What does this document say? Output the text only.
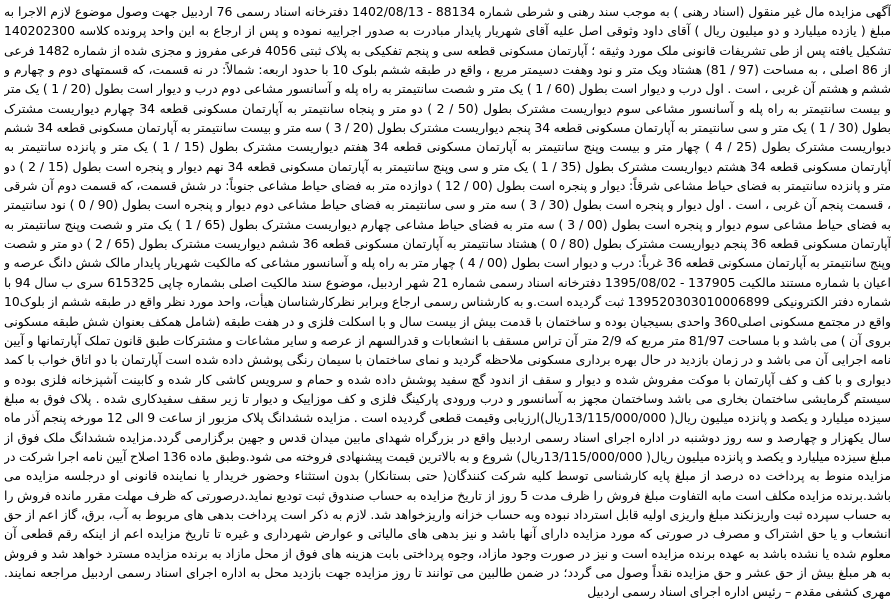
آگهی مزایده مال غیر منقول (اسناد رهنی ) به موجب سند رهنی و شرطی شماره 88134 - 1402/08/13 دفترخانه اسناد رسمی 76 اردبیل جهت وصول موضوع لازم الاجرا به مبلغ ( یازده میلیارد و دو میلیون ریال ) آقای داود وثوقی اصل علیه آقای شهریار پایدار مبادرت به صدور اجراییه نموده و پس از ارجاع به این واحد پرونده کلاسه 140202300 تشکیل یافته پس از طی تشریفات قانونی ملک مورد وثیقه ؛ آپارتمان مسکونی قطعه سی و پنجم تفکیکی به پلاک ثبتی 4056 فرعی مفروز و مجزی شده از شماره 1482 فرعی از 86 اصلی ، به مساحت (97 / 81) هشتاد ویک متر و نود وهفت دسیمتر مربع ، واقع در طبقه ششم بلوک 10 با حدود اربعه: شمالاً: در نه قسمت، که قسمتهای دوم و چهارم و ششم و هشتم آن غربی ، است . اول درب و دیوار است بطول (60 / 1 ) یک متر و شصت سانتیمتر به راه پله و آسانسور مشاعی دوم درب و دیوار است بطول (20 / 1 ) یک متر و بیست سانتیمتر به راه پله و آسانسور مشاعی سوم دیواریست مشترک بطول (50 / 2 ) دو متر و پنجاه سانتیمتر به آپارتمان مسکونی قطعه 34 چهارم دیواریست مشترک بطول (30 / 1 ) یک متر و سی سانتیمتر به آپارتمان مسکونی قطعه 34 پنجم دیواریست مشترک بطول (20 / 3 ) سه متر و بیست سانتیمتر به آپارتمان مسکونی قطعه 34 ششم دیواریست مشترک بطول (25 / 4 ) چهار متر و بیست وپنج سانتیمتر به آپارتمان مسکونی قطعه 34 هفتم دیواریست مشترک بطول (15 / 1 ) یک متر و پانزده سانتیمتر به آپارتمان مسکونی قطعه 34 هشتم دیواریست مشترک بطول (35 / 1 ) یک متر و سی وپنج سانتیمتر به آپارتمان مسکونی قطعه 34 نهم دیوار و پنجره است بطول (15 / 2 ) دو متر و پانزده سانتیمتر به فضای حیاط مشاعی شرقاً: دیوار و پنجره است بطول (00 / 12 ) دوازده متر به فضای حیاط مشاعی جنوباً: در شش قسمت، که قسمت دوم آن شرقی ، قسمت پنجم آن غربی ، است . اول دیوار و پنجره است بطول (30 / 3 ) سه متر و سی سانتیمتر به فضای حیاط مشاعی دوم دیوار و پنجره است بطول (90 / 0 ) نود سانتیمتر به فضای حیاط مشاعی سوم دیوار و پنجره است بطول (00 / 3 ) سه متر به فضای حیاط مشاعی چهارم دیواریست مشترک بطول (65 / 1 ) یک متر و شصت وپنج سانتیمتر به آپارتمان مسکونی قطعه 36 پنجم دیواریست مشترک بطول (80 / 0 ) هشتاد سانتیمتر به آپارتمان مسکونی قطعه 36 ششم دیواریست مشترک بطول (65 / 2 ) دو متر و شصت وپنج سانتیمتر به آپارتمان مسکونی قطعه 36 غرباً: درب و دیوار است بطول (00 / 4 ) چهار متر به راه پله و آسانسور مشاعی که مالکیت شهریار پایدار مالک شش دانگ عرصه و اعیان با شماره مستند مالکیت 137905 - 1395/08/02 دفترخانه اسناد رسمی شماره 21 شهر اردبیل، موضوع سند مالکیت اصلی بشماره چاپی 615325 سری ب سال 94 با شماره دفتر الکترونیکی 139520303010006899 ثبت گردیده است.و به کارشناس رسمی ارجاع وبرابر نظرکارشناسان هیأت، واحد مورد نظر واقع در طبقه ششم از بلوک10 واقع در مجتمع مسکونی اصلی360 واحدی بسیجیان بوده و ساختمان با قدمت بیش از بیست سال و با اسکلت فلزی و در هفت طبقه (شامل همکف بعنوان شش طبقه مسکونی بروی آن ) می باشد و با مساحت 81/97 متر مربع که 2/9 متر آن تراس مسقف با انشعابات و قدرالسهم از عرصه و سایر مشاعات و مشترکات طبق قانون تملک آپارتمانها و آیین نامه اجرایی آن می باشد و در زمان بازدید در حال بهره برداری مسکونی ملاحظه گردید و نمای ساختمان با سیمان رنگی پوشش داده شده است آپارتمان با دو اتاق خواب با کمد دیواری و با کف و کف آپارتمان با موکت مفروش شده و دیوار و سقف از اندود گچ سفید پوشش داده شده و حمام و سرویس کاشی کار شده و کابینت آشپزخانه فلزی بوده و سیستم گرمایشی ساختمان بخاری می باشد وساختمان مجهز به آسانسور و درب ورودی پارکینگ فلزی و کف موزاییک و دیوار تا زیر سقف سفیدکاری شده . پلاک فوق به مبلغ سیزده میلیارد و یکصد و پانزده میلیون ریال( 13/115/000/000ریال)ارزیابی وقیمت قطعی گردیده است . مزایده ششدانگ پلاک مزبور از ساعت 9 الی 12 مورخه پنجم آذر ماه سال یکهزار و چهارصد و سه روز دوشنبه در اداره اجرای اسناد رسمی اردبیل واقع در بزرگراه شهدای مابین میدان قدس و جهین برگزارمی گردد.مزایده ششدانگ ملک فوق از مبلغ سیزده میلیارد و یکصد و پانزده میلیون ریال( 13/115/000/000ریال) شروع و به بالاترین قیمت پیشنهادی فروخته می شود.وطبق ماده 136 اصلاح آیین نامه اجرا شرکت در مزایده منوط به پرداخت ده درصد از مبلغ پایه کارشناسی توسط کلیه شرکت کنندگان( حتی بستانکار) بدون استثناء وحضور خریدار یا نماینده قانونی او درجلسه مزایده می باشد.برنده مزایده مکلف است مابه التفاوت مبلغ فروش را ظرف مدت 5 روز از تاریخ مزایده به حساب صندوق ثبت تودیع نماید.درصورتی که ظرف مهلت مقرر مانده فروش را به حساب سپرده ثبت واریزنکند مبلغ واریزی اولیه قابل استرداد نبوده وبه حساب خزانه واریزخواهد شد. لازم به ذکر است پرداخت بدهی های مربوط به آب، برق، گاز اعم از حق انشعاب و یا حق اشتراک و مصرف در صورتی که مورد مزایده دارای آنها باشد و نیز بدهی های مالیاتی و عوارض شهرداری و غیره تا تاریخ مزایده اعم از اینکه رقم قطعی آن معلوم شده یا نشده باشد به عهده برنده مزایده است و نیز در صورت وجود مازاد، وجوه پرداختی بابت هزینه های فوق از محل مازاد به برنده مزایده مسترد خواهد شد و فروش به هر مبلغ بیش از حق عشر و حق مزایده نقداً وصول می گردد؛ در ضمن طالبین می توانند تا روز مزایده جهت بازدید محل به اداره اجرای اسناد رسمی اردبیل مراجعه نمایند. مهری کشفی مقدم – رئیس اداره اجرای اسناد رسمی اردبیل
